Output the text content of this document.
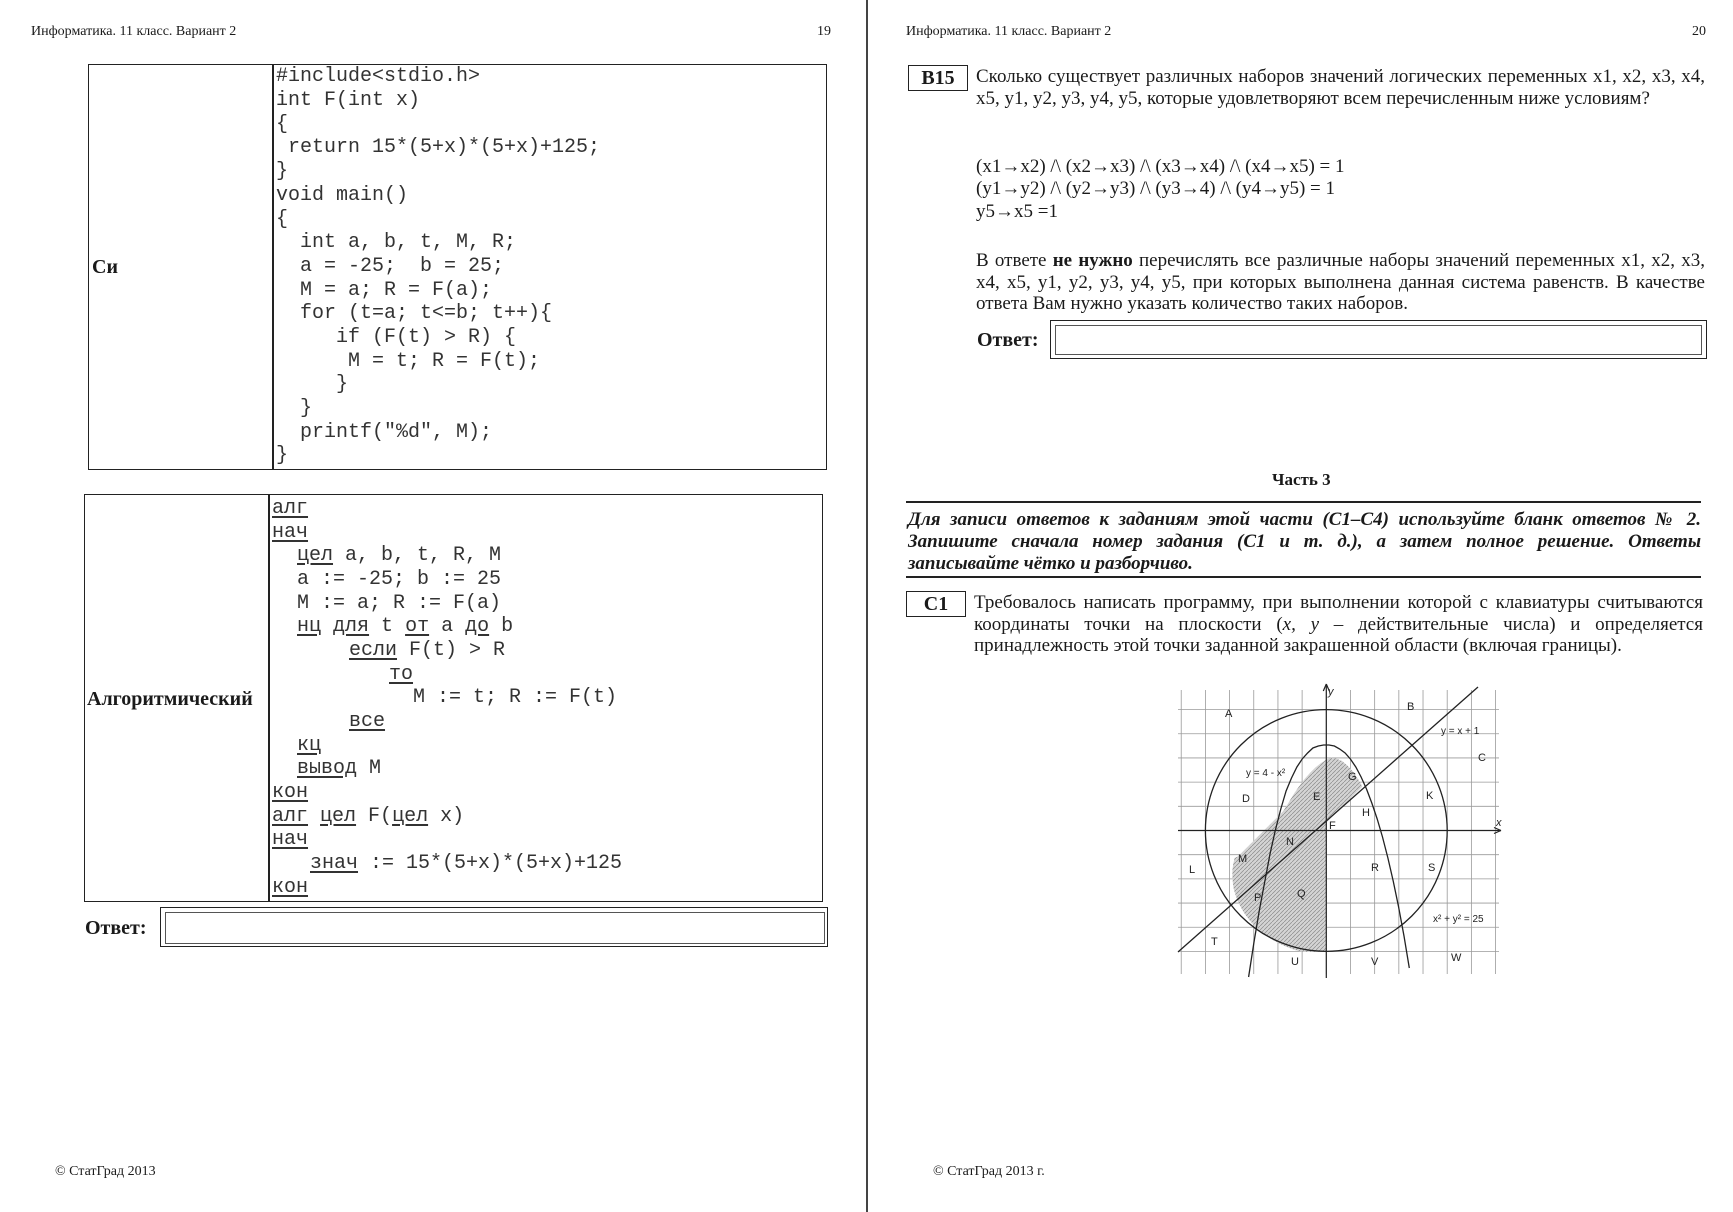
Информатика. 11 класс. Вариант 2	19
Си
#include<stdio.h>
int F(int x)
{
return 15*(5+x)*(5+x)+125;
}
void main()
{
int a, b, t, M, R;
a = -25;  b = 25;
M = a; R = F(a);
for (t=a; t<=b; t++){
if (F(t) > R) {
M = t; R = F(t);
}
}
printf("%d", M);
}
Алгоритмический
алг
нач
цел a, b, t, R, M
a := -25; b := 25
M := a; R := F(a)
нц для t от a до b
если F(t) > R
то
M := t; R := F(t)
все
кц
вывод M
кон
алг цел F(цел x)
нач
знач := 15*(5+x)*(5+x)+125
кон
Ответ:
© СтатГрад 2013
Информатика. 11 класс. Вариант 2	20
B15	Сколько существует различных наборов значений логических переменных x1, x2, x3, x4, x5, y1, y2, y3, y4, y5, которые удовлетворяют всем перечисленным ниже условиям?
(x1→x2) /\ (x2→x3) /\ (x3→x4) /\ (x4→x5) = 1
(y1→y2) /\ (y2→y3) /\ (y3→4) /\ (y4→y5) = 1
y5→x5 =1
В ответе не нужно перечислять все различные наборы значений переменных x1, x2, x3, x4, x5, y1, y2, y3, y4, y5, при которых выполнена данная система равенств. В качестве ответа Вам нужно указать количество таких наборов.
Ответ:
Часть 3
Для записи ответов к заданиям этой части (С1–С4) используйте бланк ответов № 2. Запишите сначала номер задания (С1 и т. д.), а затем полное решение. Ответы записывайте чётко и разборчиво.
C1	Требовалось написать программу, при выполнении которой с клавиатуры считываются координаты точки на плоскости (x, y – действительные числа) и определяется принадлежность этой точки заданной закрашенной области (включая границы).
y
x
y = x + 1
y = 4 - x²
x² + y² = 25
A
B
C
D	E
G
K
H
F
N
M
L	R	S
P	Q
T
U	V	W
© СтатГрад 2013 г.
